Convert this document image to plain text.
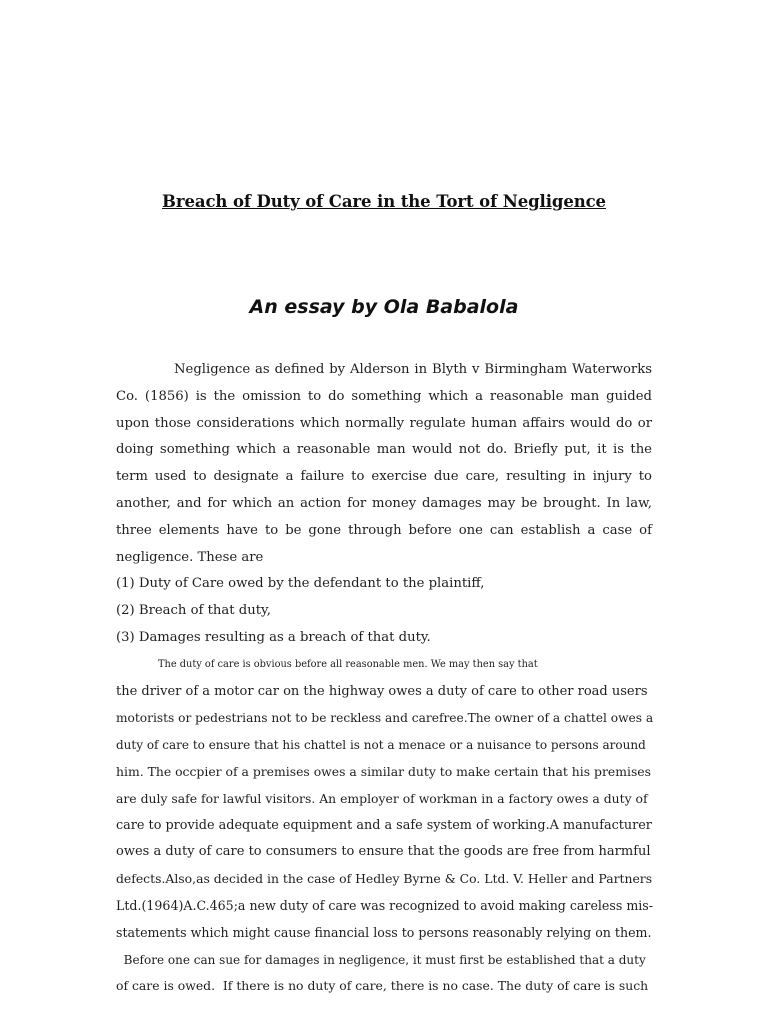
Breach of Duty of Care in the Tort of Negligence
An essay by Ola Babalola

Negligence as defined by Alderson in Blyth v Birmingham Waterworks Co. (1856) is the omission to do something which a reasonable man guided upon those considerations which normally regulate human affairs would do or doing something which a reasonable man would not do. Briefly put, it is the term used to designate a failure to exercise due care, resulting in injury to another, and for which an action for money damages may be brought. In law, three elements have to be gone through before one can establish a case of negligence. These are

(1) Duty of Care owed by the defendant to the plaintiff,

(2) Breach of that duty,

(3) Damages resulting as a breach of that duty.

The duty of care is obvious before all reasonable men. We may then say that
the driver of a motor car on the highway owes a duty of care to other road users
motorists or pedestrians not to be reckless and carefree.The owner of a chattel owes a
duty of care to ensure that his chattel is not a menace or a nuisance to persons around
him. The occpier of a premises owes a similar duty to make certain that his premises
are duly safe for lawful visitors. An employer of workman in a factory owes a duty of
care to provide adequate equipment and a safe system of working.A manufacturer
owes a duty of care to consumers to ensure that the goods are free from harmful
defects.Also,as decided in the case of Hedley Byrne & Co. Ltd. V. Heller and Partners
Ltd.(1964)A.C.465;a new duty of care was recognized to avoid making careless mis-
statements which might cause financial loss to persons reasonably relying on them.
Before one can sue for damages in negligence, it must first be established that a duty
of care is owed.  If there is no duty of care, there is no case. The duty of care is such
